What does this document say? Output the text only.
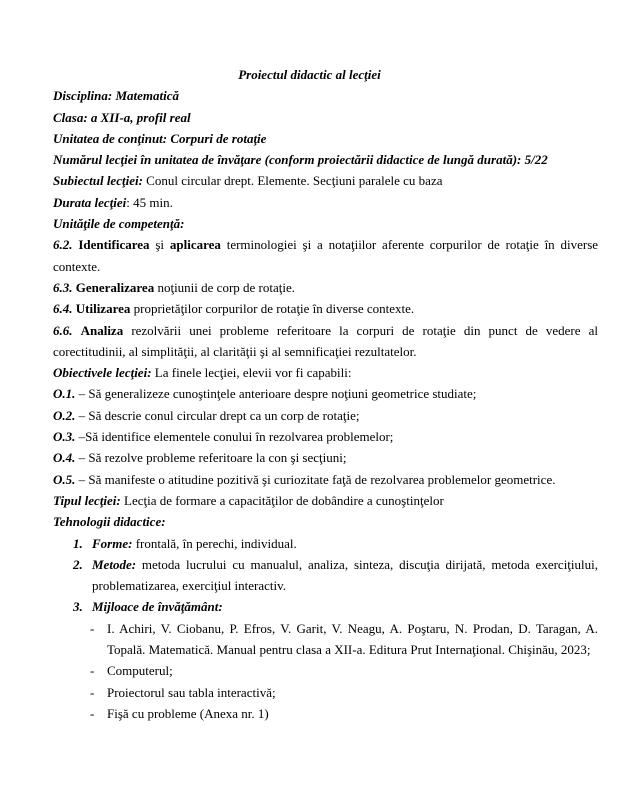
Proiectul didactic al lecţiei
Disciplina: Matematică
Clasa: a XII-a, profil real
Unitatea de conţinut: Corpuri de rotaţie
Numărul lecţiei în unitatea de învăţare (conform proiectării didactice de lungă durată): 5/22
Subiectul lecţiei: Conul circular drept. Elemente. Secţiuni paralele cu baza
Durata lecţiei: 45 min.
Unităţile de competenţă:
6.2. Identificarea şi aplicarea terminologiei şi a notaţiilor aferente corpurilor de rotaţie în diverse
contexte.
6.3. Generalizarea noţiunii de corp de rotaţie.
6.4. Utilizarea proprietăţilor corpurilor de rotaţie în diverse contexte.
6.6. Analiza rezolvării unei probleme referitoare la corpuri de rotaţie din punct de vedere al
corectitudinii, al simplităţii, al clarităţii şi al semnificaţiei rezultatelor.
Obiectivele lecţiei: La finele lecţiei, elevii vor fi capabili:
O.1. – Să generalizeze cunoştinţele anterioare despre noţiuni geometrice studiate;
O.2. – Să descrie conul circular drept ca un corp de rotaţie;
O.3. –Să identifice elementele conului în rezolvarea problemelor;
O.4. – Să rezolve probleme referitoare la con şi secţiuni;
O.5. – Să manifeste o atitudine pozitivă şi curiozitate faţă de rezolvarea problemelor geometrice.
Tipul lecţiei: Lecţia de formare a capacităţilor de dobândire a cunoştinţelor
Tehnologii didactice:
1. Forme: frontală, în perechi, individual.
2. Metode: metoda lucrului cu manualul, analiza, sinteza, discuţia dirijată, metoda exerciţiului,
problematizarea, exerciţiul interactiv.
3. Mijloace de învăţământ:
- I. Achiri, V. Ciobanu, P. Efros, V. Garit, V. Neagu, A. Poştaru, N. Prodan, D. Taragan, A.
Topală. Matematică. Manual pentru clasa a XII-a. Editura Prut Internaţional. Chişinău, 2023;
- Computerul;
- Proiectorul sau tabla interactivă;
- Fişă cu probleme (Anexa nr. 1)
